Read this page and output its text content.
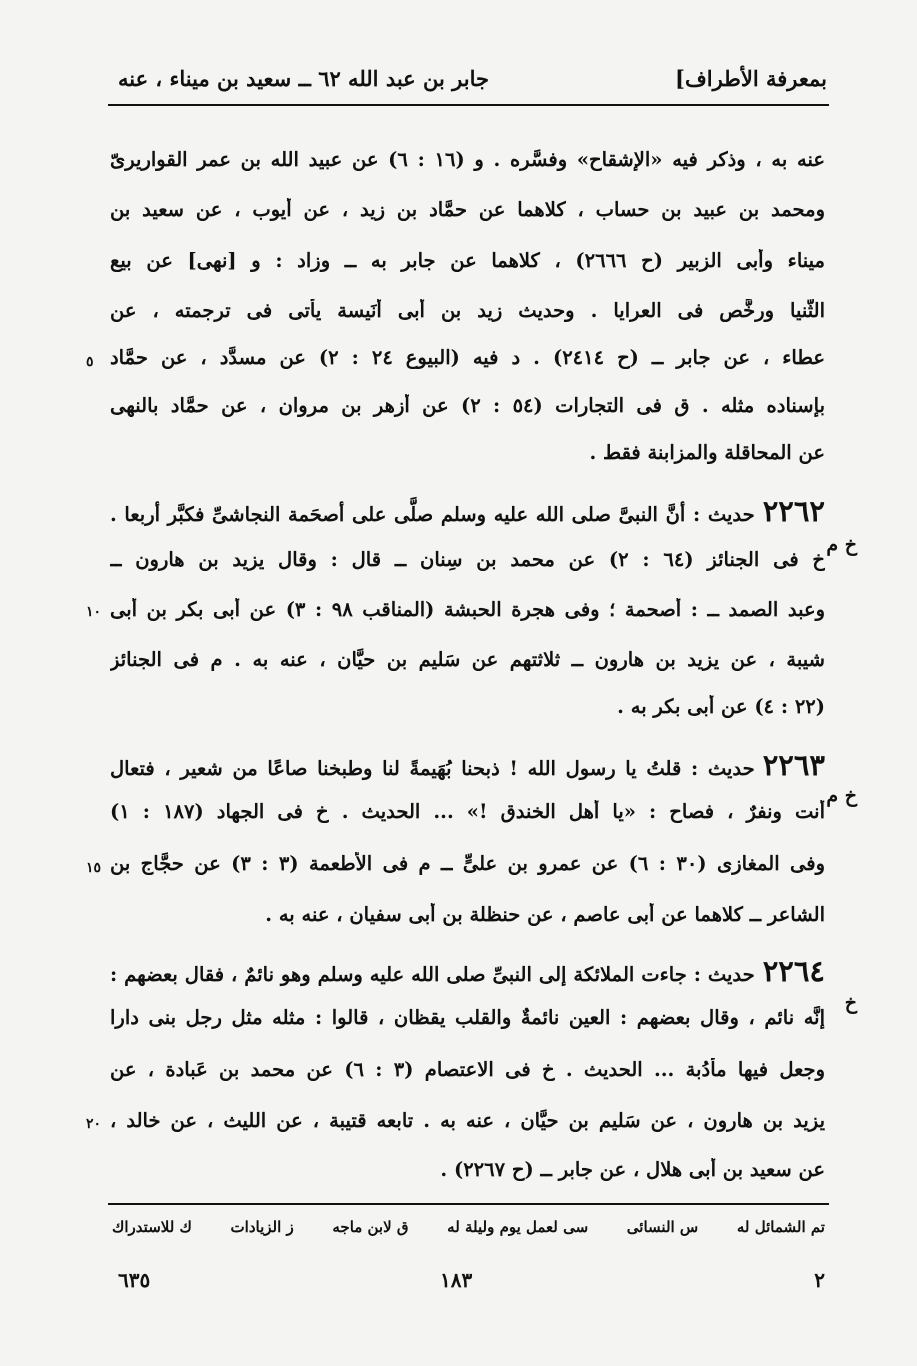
بمعرفة الأطراف]
جابر بن عبد الله ٦٢ ــ سعيد بن ميناء ، عنه
عنه به ، وذكر فيه «الإشقاح» وفسَّره . و (١٦ : ٦) عن عبيد الله بن عمر القواريرىّ
ومحمد بن عبيد بن حساب ، كلاهما عن حمَّاد بن زيد ، عن أيوب ، عن سعيد بن
ميناء وأبى الزبير (ح ٢٦٦٦) ، كلاهما عن جابر به ــ وزاد : و [نهى] عن بيع
الثُّنيا ورخَّص فى العرايا . وحديث زيد بن أبى أُنَيسة يأتى فى ترجمته ، عن
عطاء ، عن جابر ــ (ح ٢٤١٤) . د فيه (البيوع ٢٤ : ٢) عن مسدَّد ، عن حمَّاد
بإسناده مثله . ق فى التجارات (٥٤ : ٢) عن أزهر بن مروان ، عن حمَّاد بالنهى
عن المحاقلة والمزابنة فقط .
٢٢٦٢حديث : أنَّ النبىَّ صلى الله عليه وسلم صلَّى على أصحَمة النجاشىِّ فكبَّر أربعا .
خ فى الجنائز (٦٤ : ٢) عن محمد بن سِنان ــ قال : وقال يزيد بن هارون ــ
وعبد الصمد ــ : أصحمة ؛ وفى هجرة الحبشة (المناقب ٩٨ : ٣) عن أبى بكر بن أبى
شيبة ، عن يزيد بن هارون ــ ثلاثتهم عن سَليم بن حيَّان ، عنه به . م فى الجنائز
(٢٢ : ٤) عن أبى بكر به .
٢٢٦٣حديث : قلتُ يا رسول الله ! ذبحنا بُهَيمةً لنا وطبخنا صاعًا من شعير ، فتعال
أنت ونفرٌ ، فصاح : «يا أهل الخندق !» ... الحديث . خ فى الجهاد (١٨٧ : ١)
وفى المغازى (٣٠ : ٦) عن عمرو بن علىٍّ ــ م فى الأطعمة (٣ : ٣) عن حجَّاج بن
الشاعر ــ كلاهما عن أبى عاصم ، عن حنظلة بن أبى سفيان ، عنه به .
٢٢٦٤حديث : جاءت الملائكة إلى النبىِّ صلى الله عليه وسلم وهو نائمٌ ، فقال بعضهم :
إنَّه نائم ، وقال بعضهم : العين نائمةٌ والقلب يقظان ، قالوا : مثله مثل رجل بنى دارا
وجعل فيها مأدُبة ... الحديث . خ فى الاعتصام (٣ : ٦) عن محمد بن عَبادة ، عن
يزيد بن هارون ، عن سَليم بن حيَّان ، عنه به . تابعه قتيبة ، عن الليث ، عن خالد ،
عن سعيد بن أبى هلال ، عن جابر ــ (ح ٢٢٦٧) .
خ م
خ م
خ
٥
١٠
١٥
٢٠
تم الشمائل له
س النسائى
سى لعمل يوم وليلة له
ق لابن ماجه
ز الزيادات
ك للاستدراك
٢
١٨٣
٦٣٥
